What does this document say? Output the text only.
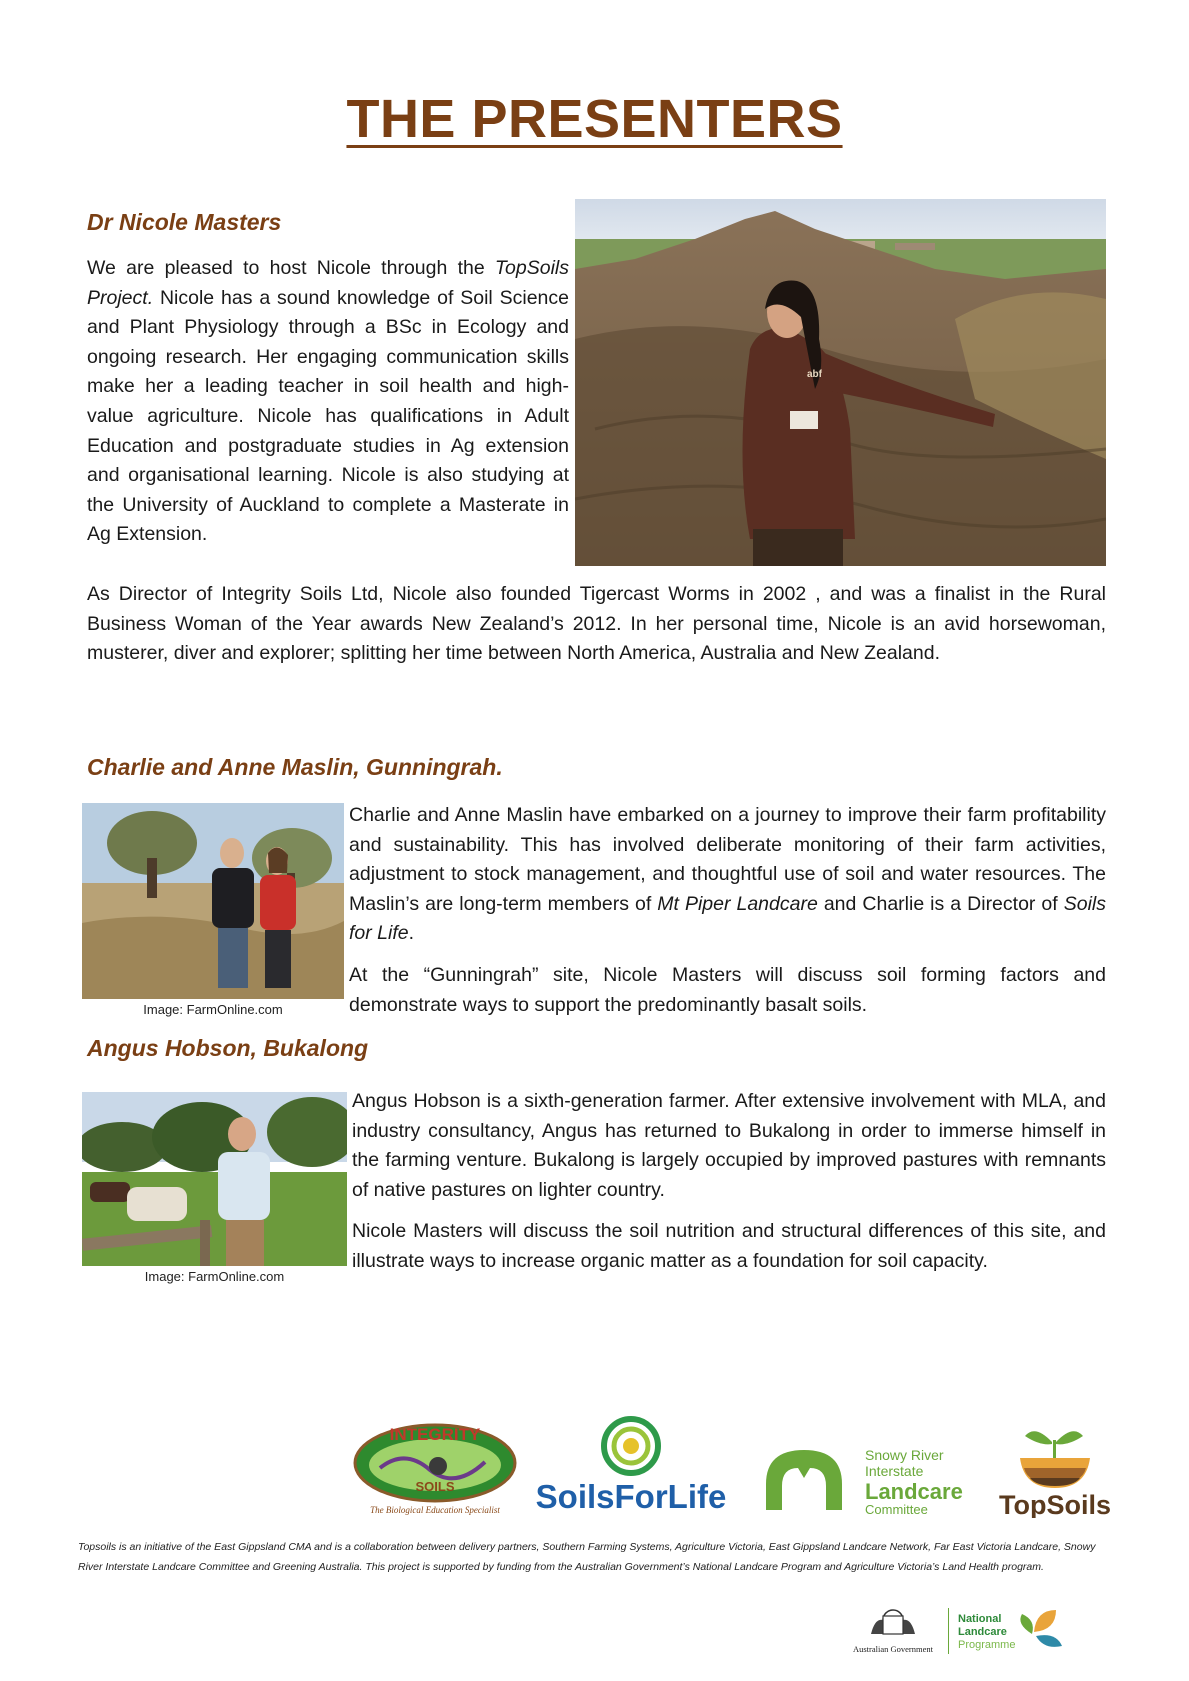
THE PRESENTERS
Dr Nicole Masters
abf

We are pleased to host Nicole through the TopSoils Project. Nicole has a sound knowledge of Soil Science and Plant Physiology through a BSc in Ecology and ongoing research. Her engaging communication skills make her a leading teacher in soil health and high-value agriculture. Nicole has qualifications in Adult Education and postgraduate studies in Ag extension and organisational learning. Nicole is also studying at the University of Auckland to complete a Masterate in Ag Extension.

As Director of Integrity Soils Ltd, Nicole also founded Tigercast Worms in 2002 , and was a finalist in the Rural Business Woman of the Year awards New Zealand’s 2012. In her personal time, Nicole is an avid horsewoman, musterer, diver and explorer; splitting her time between North America, Australia and New Zealand.

Charlie and Anne Maslin, Gunningrah.
Image: FarmOnline.com

Charlie and Anne Maslin have embarked on a journey to improve their farm profitability and sustainability. This has involved deliberate monitoring of their farm activities, adjustment to stock management, and thoughtful use of soil and water resources. The Maslin’s are long-term members of Mt Piper Landcare and Charlie is a Director of Soils for Life.

At the “Gunningrah” site, Nicole Masters will discuss soil forming factors and demonstrate ways to support the predominantly basalt soils.

Angus Hobson, Bukalong
Image: FarmOnline.com

Angus Hobson is a sixth-generation farmer. After extensive involvement with MLA, and industry consultancy, Angus has returned to Bukalong in order to immerse himself in the farming venture. Bukalong is largely occupied by improved pastures with remnants of native pastures on lighter country.

Nicole Masters will discuss the soil nutrition and structural differences of this site, and illustrate ways to increase organic matter as a foundation for soil capacity.

INTEGRITY
SOILS
The Biological Education Specialist SoilsForLife
Snowy River
Interstate
Landcare
Committee	TopSoils
Topsoils is an initiative of the East Gippsland CMA and is a collaboration between delivery partners, Southern Farming Systems, Agriculture Victoria, East Gippsland Landcare Network, Far East Victoria Landcare, Snowy River Interstate Landcare Committee and Greening Australia. This project is supported by funding from the Australian Government’s National Landcare Program and Agriculture Victoria’s Land Health program.
Australian Government
National
Landcare
Programme
